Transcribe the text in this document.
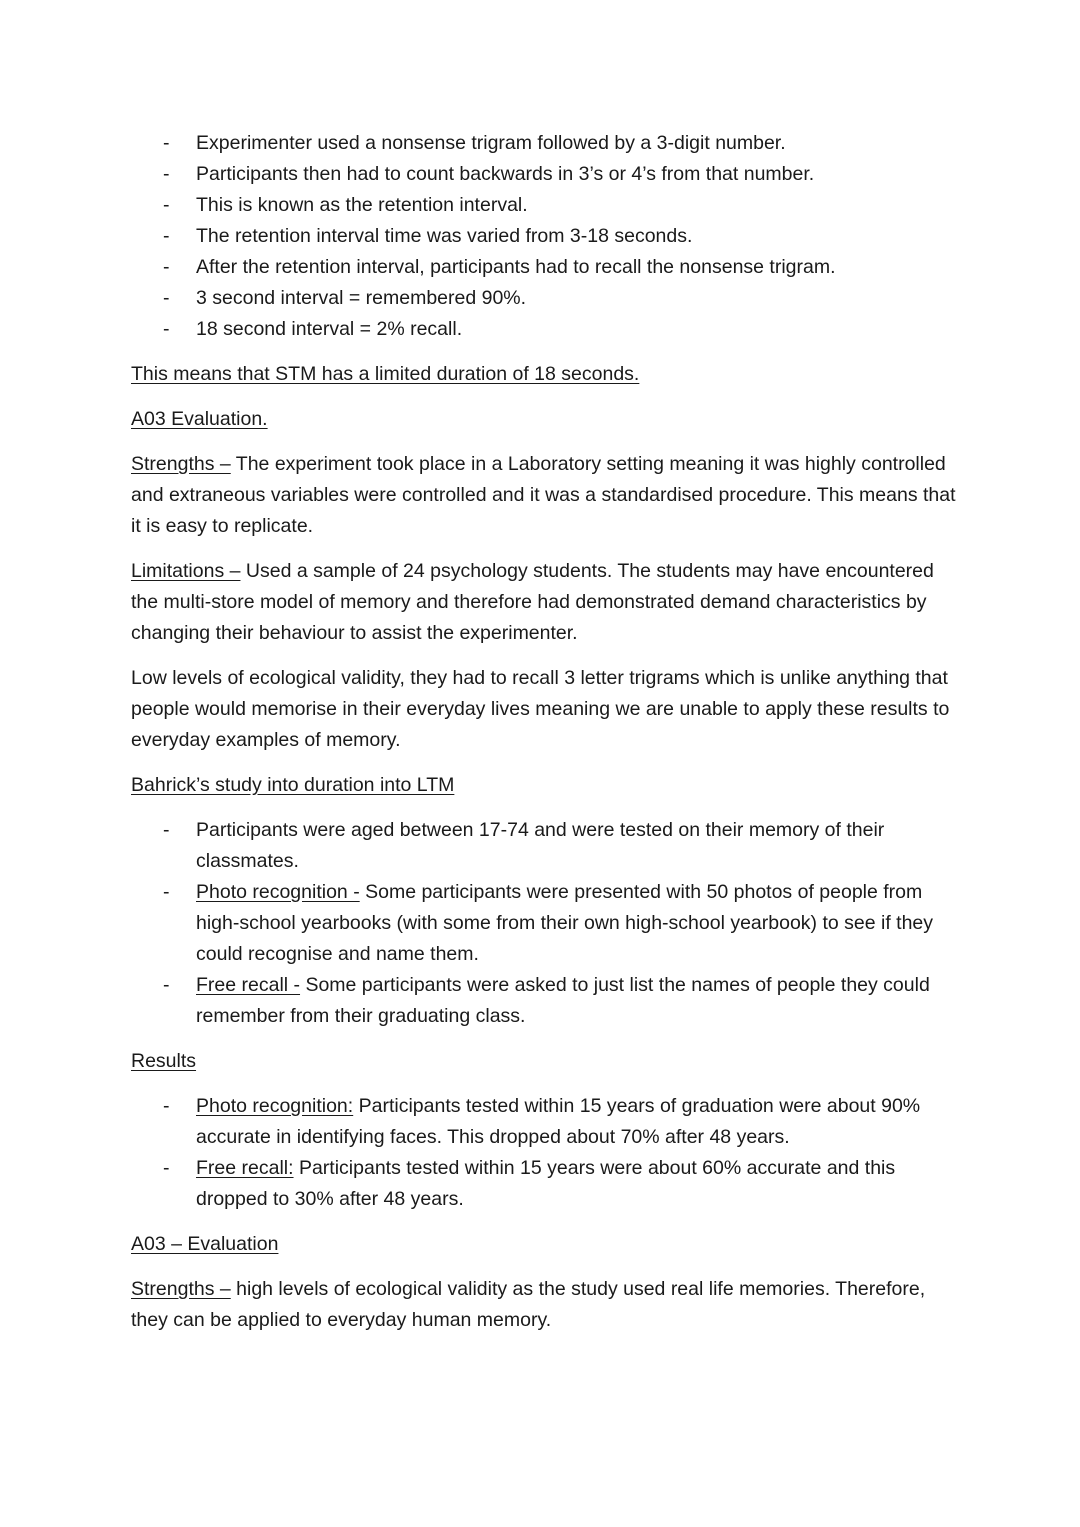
- Experimenter used a nonsense trigram followed by a 3-digit number.
- Participants then had to count backwards in 3’s or 4’s from that number.
- This is known as the retention interval.
- The retention interval time was varied from 3-18 seconds.
- After the retention interval, participants had to recall the nonsense trigram.
- 3 second interval = remembered 90%.
- 18 second interval = 2% recall.

This means that STM has a limited duration of 18 seconds.

A03 Evaluation.

Strengths – The experiment took place in a Laboratory setting meaning it was highly controlled and extraneous variables were controlled and it was a standardised procedure. This means that it is easy to replicate.

Limitations – Used a sample of 24 psychology students. The students may have encountered the multi-store model of memory and therefore had demonstrated demand characteristics by changing their behaviour to assist the experimenter.

Low levels of ecological validity, they had to recall 3 letter trigrams which is unlike anything that people would memorise in their everyday lives meaning we are unable to apply these results to everyday examples of memory.

Bahrick’s study into duration into LTM

- Participants were aged between 17-74 and were tested on their memory of their classmates.
- Photo recognition - Some participants were presented with 50 photos of people from high-school yearbooks (with some from their own high-school yearbook) to see if they could recognise and name them.
- Free recall - Some participants were asked to just list the names of people they could remember from their graduating class.

Results

- Photo recognition: Participants tested within 15 years of graduation were about 90% accurate in identifying faces. This dropped about 70% after 48 years.
- Free recall: Participants tested within 15 years were about 60% accurate and this dropped to 30% after 48 years.

A03 – Evaluation

Strengths – high levels of ecological validity as the study used real life memories. Therefore, they can be applied to everyday human memory.
